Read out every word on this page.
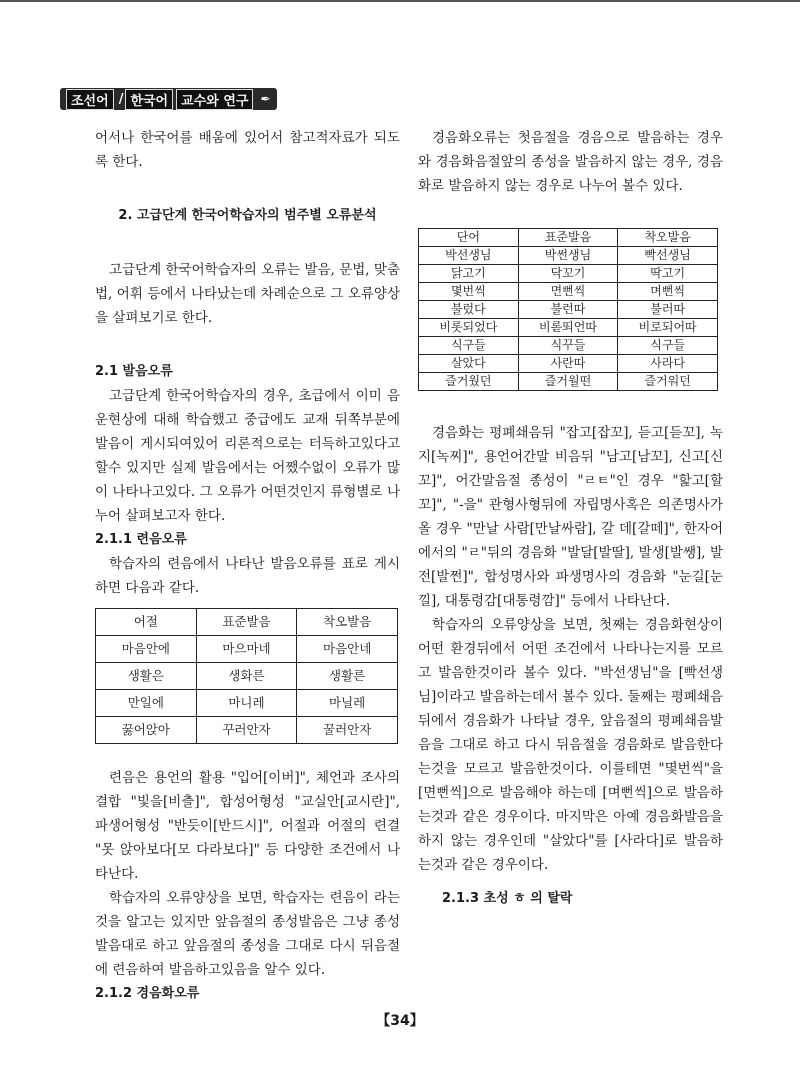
조선어 / 한국어	교수와 연구	✒

어서나 한국어를 배움에 있어서 참고적자료가 되도록 한다.

2. 고급단계 한국어학습자의 범주별 오류분석

고급단계 한국어학습자의 오류는 발음, 문법, 맞춤법, 어휘 등에서 나타났는데 차례순으로 그 오류양상을 살펴보기로 한다.

2.1 발음오류

고급단계 한국어학습자의 경우, 초급에서 이미 음운현상에 대해 학습했고 중급에도 교재 뒤쪽부분에 발음이 게시되여있어 리론적으로는 터득하고있다고 할수 있지만 실제 발음에서는 어쨌수없이 오류가 많이 나타나고있다. 그 오류가 어떤것인지 류형별로 나누어 살펴보고자 한다.

2.1.1 련음오류

학습자의 련음에서 나타난 발음오류를 표로 게시하면 다음과 같다.

어절	표준발음	착오발음
마음안에	마으마네	마음안네
생활은	생화른	생활른
만일에	마니레	마닐레
꿇어앉아	꾸러안자	꿀러안자

련음은 용언의 활용 "입어[이버]", 체언과 조사의 결합 "빛을[비츨]", 합성어형성 "교실안[교시란]", 파생어형성 "반듯이[반드시]", 어절과 어절의 련결 "못 앉아보다[모 다라보다]" 등 다양한 조건에서 나타난다.

학습자의 오류양상을 보면, 학습자는 련음이 라는것을 알고는 있지만 앞음절의 종성발음은 그냥 종성발음대로 하고 앞음절의 종성을 그대로 다시 뒤음절에 련음하여 발음하고있음을 알수 있다.

2.1.2 경음화오류

경음화오류는 첫음절을 경음으로 발음하는 경우와 경음화음절앞의 종성을 발음하지 않는 경우, 경음화로 발음하지 않는 경우로 나누어 볼수 있다.

단어	표준발음	착오발음
박선생님	박썬생님	빡선생님
닭고기	닥꼬기	딱고기
몇번씩	면뻔씩	며뻔씩
불렀다	불런따	불러따
비롯되었다	비롣뙤언따	비로되어따
식구들	식꾸들	식구들
살았다	사란따	사라다
즐거웠던	즐거월떤	즐거워던

경음화는 평폐쇄음뒤 "잡고[잡꼬], 듣고[듣꼬], 녹지[녹찌]", 용언어간말 비음뒤 "남고[남꼬], 신고[신꼬]", 어간말음절 종성이 "ㄹㅌ"인 경우 "핥고[할꼬]", "-을" 관형사형뒤에 자립명사혹은 의존명사가 올 경우 "만날 사람[만날싸람], 갈 데[갈떼]", 한자어에서의 "ㄹ"뒤의 경음화 "발달[발딸], 발생[발쌩], 발전[발쩐]", 합성명사와 파생명사의 경음화 "눈길[눈낄], 대통령감[대통령깜]" 등에서 나타난다.

학습자의 오류양상을 보면, 첫째는 경음화현상이 어떤 환경뒤에서 어떤 조건에서 나타나는지를 모르고 발음한것이라 볼수 있다. "박선생님"을 [빡선생님]이라고 발음하는데서 볼수 있다. 둘째는 평폐쇄음뒤에서 경음화가 나타날 경우, 앞음절의 평폐쇄음발음을 그대로 하고 다시 뒤음절을 경음화로 발음한다는것을 모르고 발음한것이다. 이를테면 "몇번씩"을 [면뻔씩]으로 발음해야 하는데 [며뻔씩]으로 발음하는것과 같은 경우이다. 마지막은 아예 경음화발음을 하지 않는 경우인데 "살았다"를 [사라다]로 발음하는것과 같은 경우이다.

2.1.3 초성 ㅎ 의 탈락

【34】
